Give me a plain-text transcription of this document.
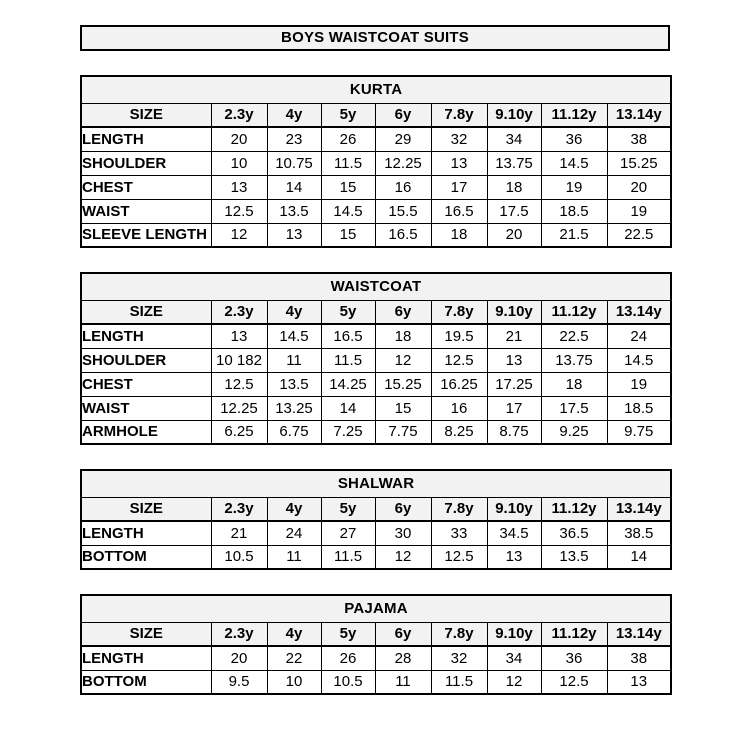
BOYS WAISTCOAT SUITS
KURTA								
SIZE	2.3y	4y	5y	6y	7.8y	9.10y	11.12y	13.14y
LENGTH	20	23	26	29	32	34	36	38
SHOULDER	10	10.75	11.5	12.25	13	13.75	14.5	15.25
CHEST	13	14	15	16	17	18	19	20
WAIST	12.5	13.5	14.5	15.5	16.5	17.5	18.5	19
SLEEVE LENGTH	12	13	15	16.5	18	20	21.5	22.5
WAISTCOAT								
SIZE	2.3y	4y	5y	6y	7.8y	9.10y	11.12y	13.14y
LENGTH	13	14.5	16.5	18	19.5	21	22.5	24
SHOULDER	10 182	11	11.5	12	12.5	13	13.75	14.5
CHEST	12.5	13.5	14.25	15.25	16.25	17.25	18	19
WAIST	12.25	13.25	14	15	16	17	17.5	18.5
ARMHOLE	6.25	6.75	7.25	7.75	8.25	8.75	9.25	9.75
SHALWAR								
SIZE	2.3y	4y	5y	6y	7.8y	9.10y	11.12y	13.14y
LENGTH	21	24	27	30	33	34.5	36.5	38.5
BOTTOM	10.5	11	11.5	12	12.5	13	13.5	14
PAJAMA								
SIZE	2.3y	4y	5y	6y	7.8y	9.10y	11.12y	13.14y
LENGTH	20	22	26	28	32	34	36	38
BOTTOM	9.5	10	10.5	11	11.5	12	12.5	13
